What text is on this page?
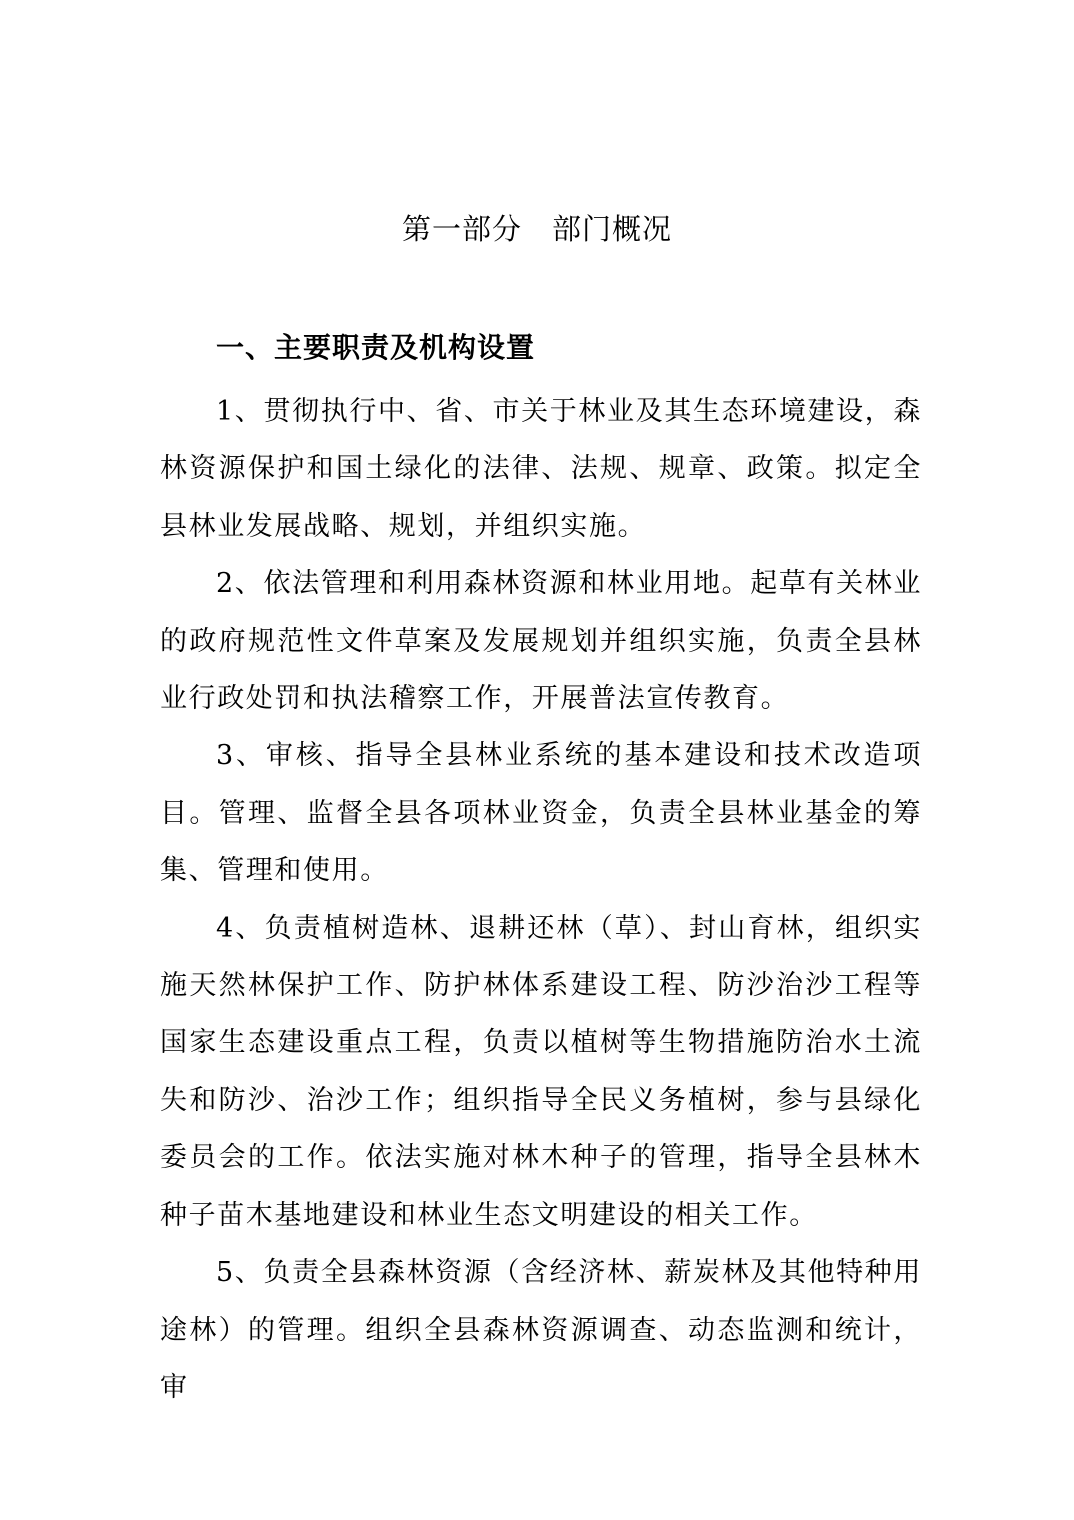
第一部分　部门概况
一、主要职责及机构设置

1、贯彻执行中、省、市关于林业及其生态环境建设，森林资源保护和国土绿化的法律、法规、规章、政策。拟定全县林业发展战略、规划，并组织实施。

2、依法管理和利用森林资源和林业用地。起草有关林业的政府规范性文件草案及发展规划并组织实施，负责全县林业行政处罚和执法稽察工作，开展普法宣传教育。

3、审核、指导全县林业系统的基本建设和技术改造项目。管理、监督全县各项林业资金，负责全县林业基金的筹集、管理和使用。

4、负责植树造林、退耕还林（草）、封山育林，组织实施天然林保护工作、防护林体系建设工程、防沙治沙工程等国家生态建设重点工程，负责以植树等生物措施防治水土流失和防沙、治沙工作；组织指导全民义务植树，参与县绿化委员会的工作。依法实施对林木种子的管理，指导全县林木种子苗木基地建设和林业生态文明建设的相关工作。

5、负责全县森林资源（含经济林、薪炭林及其他特种用途林）的管理。组织全县森林资源调查、动态监测和统计，审
